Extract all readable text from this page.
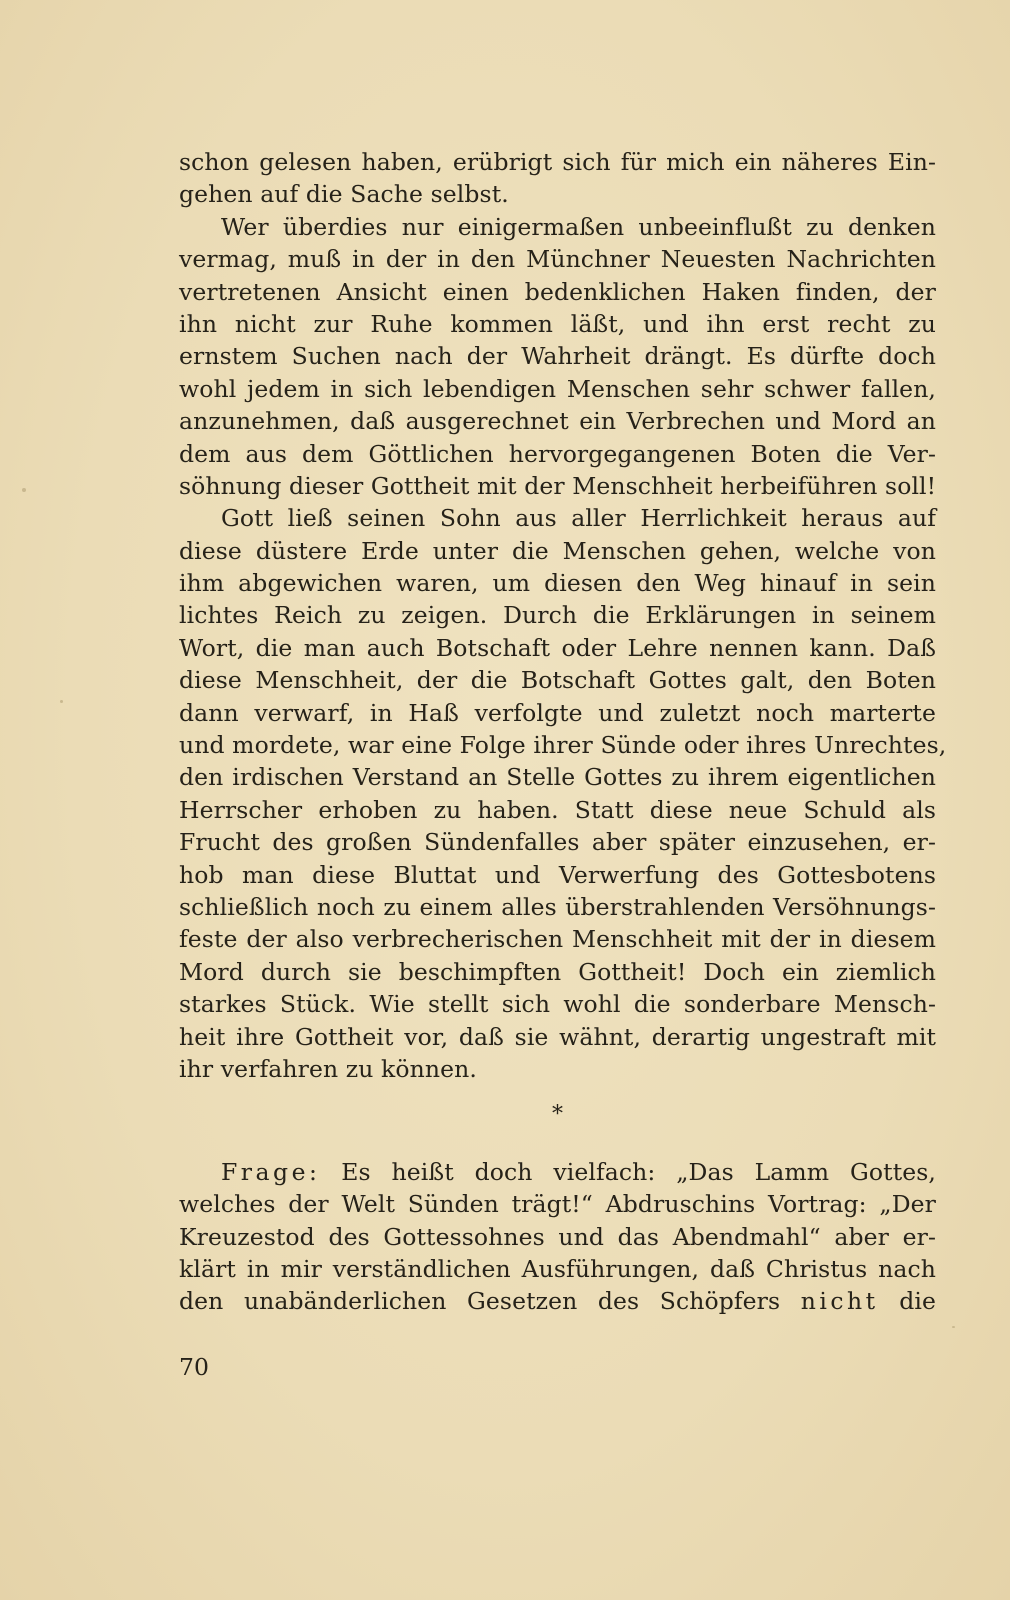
schon gelesen haben, erübrigt sich für mich ein näheres Ein-
gehen auf die Sache selbst.
Wer überdies nur einigermaßen unbeeinflußt zu denken
vermag, muß in der in den Münchner Neuesten Nachrichten
vertretenen Ansicht einen bedenklichen Haken finden, der
ihn nicht zur Ruhe kommen läßt, und ihn erst recht zu
ernstem Suchen nach der Wahrheit drängt. Es dürfte doch
wohl jedem in sich lebendigen Menschen sehr schwer fallen,
anzunehmen, daß ausgerechnet ein Verbrechen und Mord an
dem aus dem Göttlichen hervorgegangenen Boten die Ver-
söhnung dieser Gottheit mit der Menschheit herbeiführen soll!
Gott ließ seinen Sohn aus aller Herrlichkeit heraus auf
diese düstere Erde unter die Menschen gehen, welche von
ihm abgewichen waren, um diesen den Weg hinauf in sein
lichtes Reich zu zeigen. Durch die Erklärungen in seinem
Wort, die man auch Botschaft oder Lehre nennen kann. Daß
diese Menschheit, der die Botschaft Gottes galt, den Boten
dann verwarf, in Haß verfolgte und zuletzt noch marterte
und mordete, war eine Folge ihrer Sünde oder ihres Unrechtes,
den irdischen Verstand an Stelle Gottes zu ihrem eigentlichen
Herrscher erhoben zu haben. Statt diese neue Schuld als
Frucht des großen Sündenfalles aber später einzusehen, er-
hob man diese Bluttat und Verwerfung des Gottesbotens
schließlich noch zu einem alles überstrahlenden Versöhnungs-
feste der also verbrecherischen Menschheit mit der in diesem
Mord durch sie beschimpften Gottheit! Doch ein ziemlich
starkes Stück. Wie stellt sich wohl die sonderbare Mensch-
heit ihre Gottheit vor, daß sie wähnt, derartig ungestraft mit
ihr verfahren zu können.
*
Frage: Es heißt doch vielfach: „Das Lamm Gottes,
welches der Welt Sünden trägt!“ Abdruschins Vortrag: „Der
Kreuzestod des Gottessohnes und das Abendmahl“ aber er-
klärt in mir verständlichen Ausführungen, daß Christus nach
den unabänderlichen Gesetzen des Schöpfers nicht die
70
